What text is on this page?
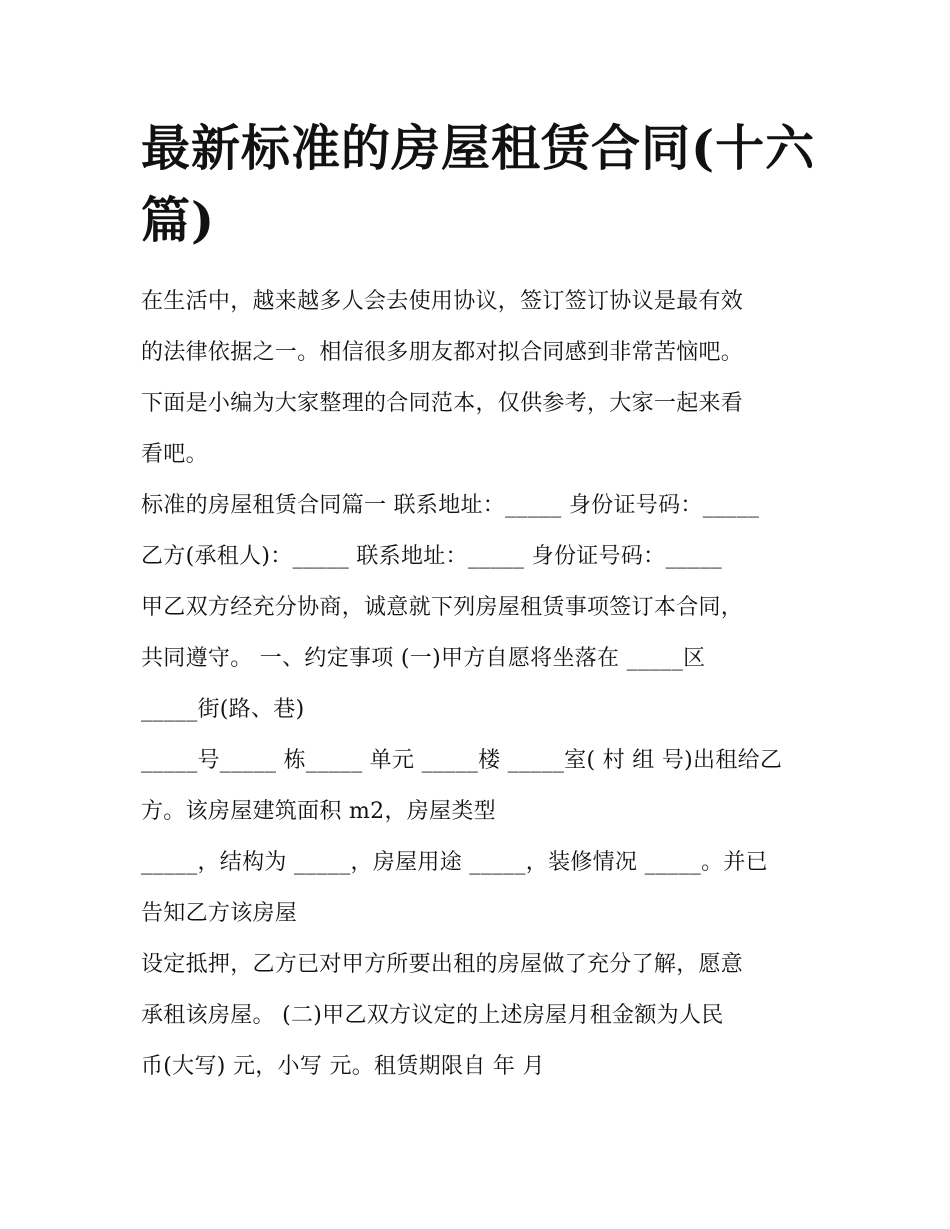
最新标准的房屋租赁合同(十六
篇)
在生活中，越来越多人会去使用协议，签订签订协议是最有效
的法律依据之一。相信很多朋友都对拟合同感到非常苦恼吧。
下面是小编为大家整理的合同范本，仅供参考，大家一起来看
看吧。
标准的房屋租赁合同篇一 联系地址：_____ 身份证号码：_____
乙方(承租人)：_____ 联系地址：_____ 身份证号码：_____
甲乙双方经充分协商，诚意就下列房屋租赁事项签订本合同，
共同遵守。 一、约定事项 (一)甲方自愿将坐落在 _____区
_____街(路、巷)
_____号_____ 栋_____ 单元 _____楼 _____室( 村 组 号)出租给乙
方。该房屋建筑面积 m2，房屋类型
_____，结构为 _____，房屋用途 _____，装修情况 _____。并已
告知乙方该房屋
设定抵押，乙方已对甲方所要出租的房屋做了充分了解，愿意
承租该房屋。 (二)甲乙双方议定的上述房屋月租金额为人民
币(大写) 元，小写 元。租赁期限自 年 月
